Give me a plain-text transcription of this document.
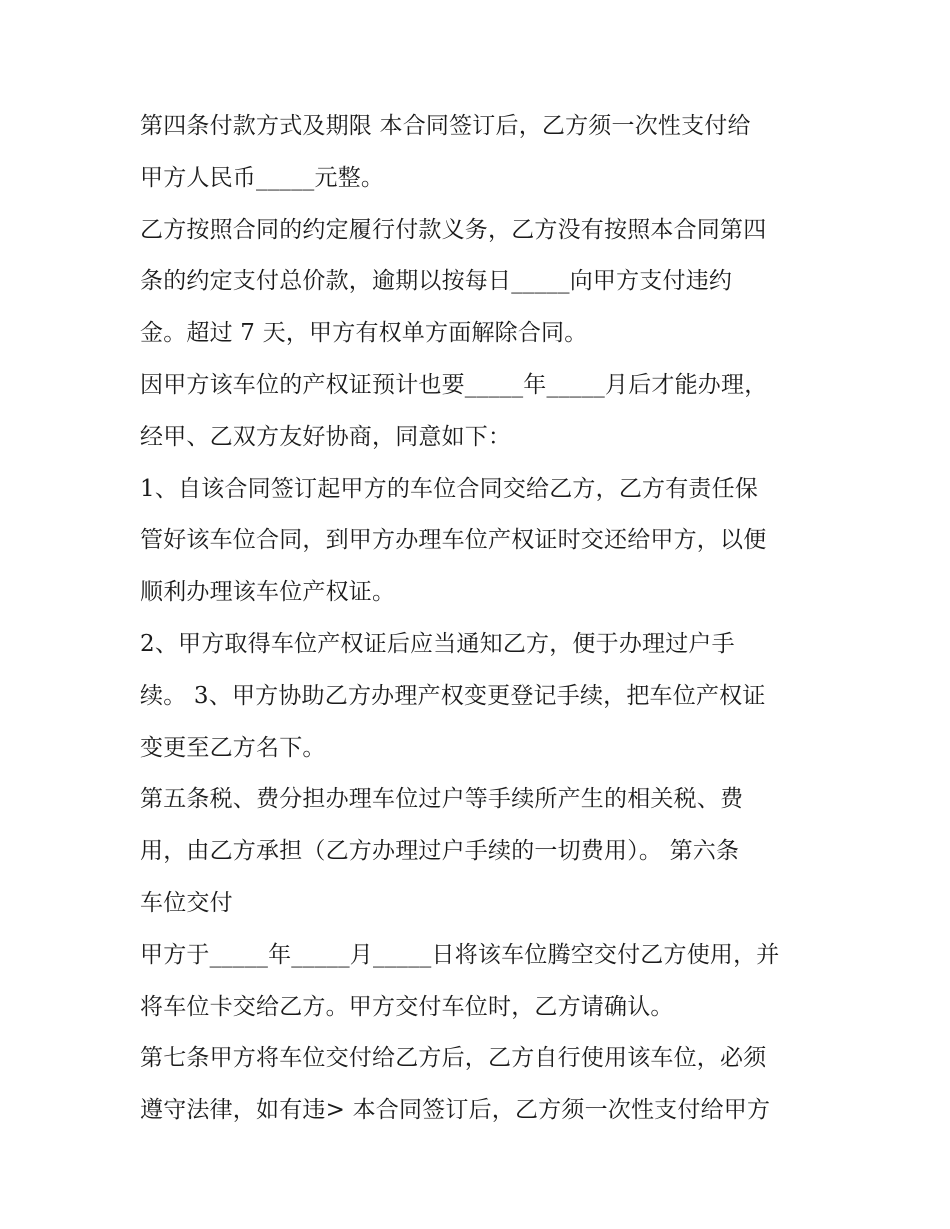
第四条付款方式及期限 本合同签订后，乙方须一次性支付给
甲方人民币_____元整。
乙方按照合同的约定履行付款义务，乙方没有按照本合同第四
条的约定支付总价款，逾期以按每日_____向甲方支付违约
金。超过 7 天，甲方有权单方面解除合同。
因甲方该车位的产权证预计也要_____年_____月后才能办理，
经甲、乙双方友好协商，同意如下：
1、自该合同签订起甲方的车位合同交给乙方，乙方有责任保
管好该车位合同，到甲方办理车位产权证时交还给甲方，以便
顺利办理该车位产权证。
2、甲方取得车位产权证后应当通知乙方，便于办理过户手
续。 3、甲方协助乙方办理产权变更登记手续，把车位产权证
变更至乙方名下。
第五条税、费分担办理车位过户等手续所产生的相关税、费
用，由乙方承担（乙方办理过户手续的一切费用）。 第六条
车位交付
甲方于_____年_____月_____日将该车位腾空交付乙方使用，并
将车位卡交给乙方。甲方交付车位时，乙方请确认。
第七条甲方将车位交付给乙方后，乙方自行使用该车位，必须
遵守法律，如有违> 本合同签订后，乙方须一次性支付给甲方
